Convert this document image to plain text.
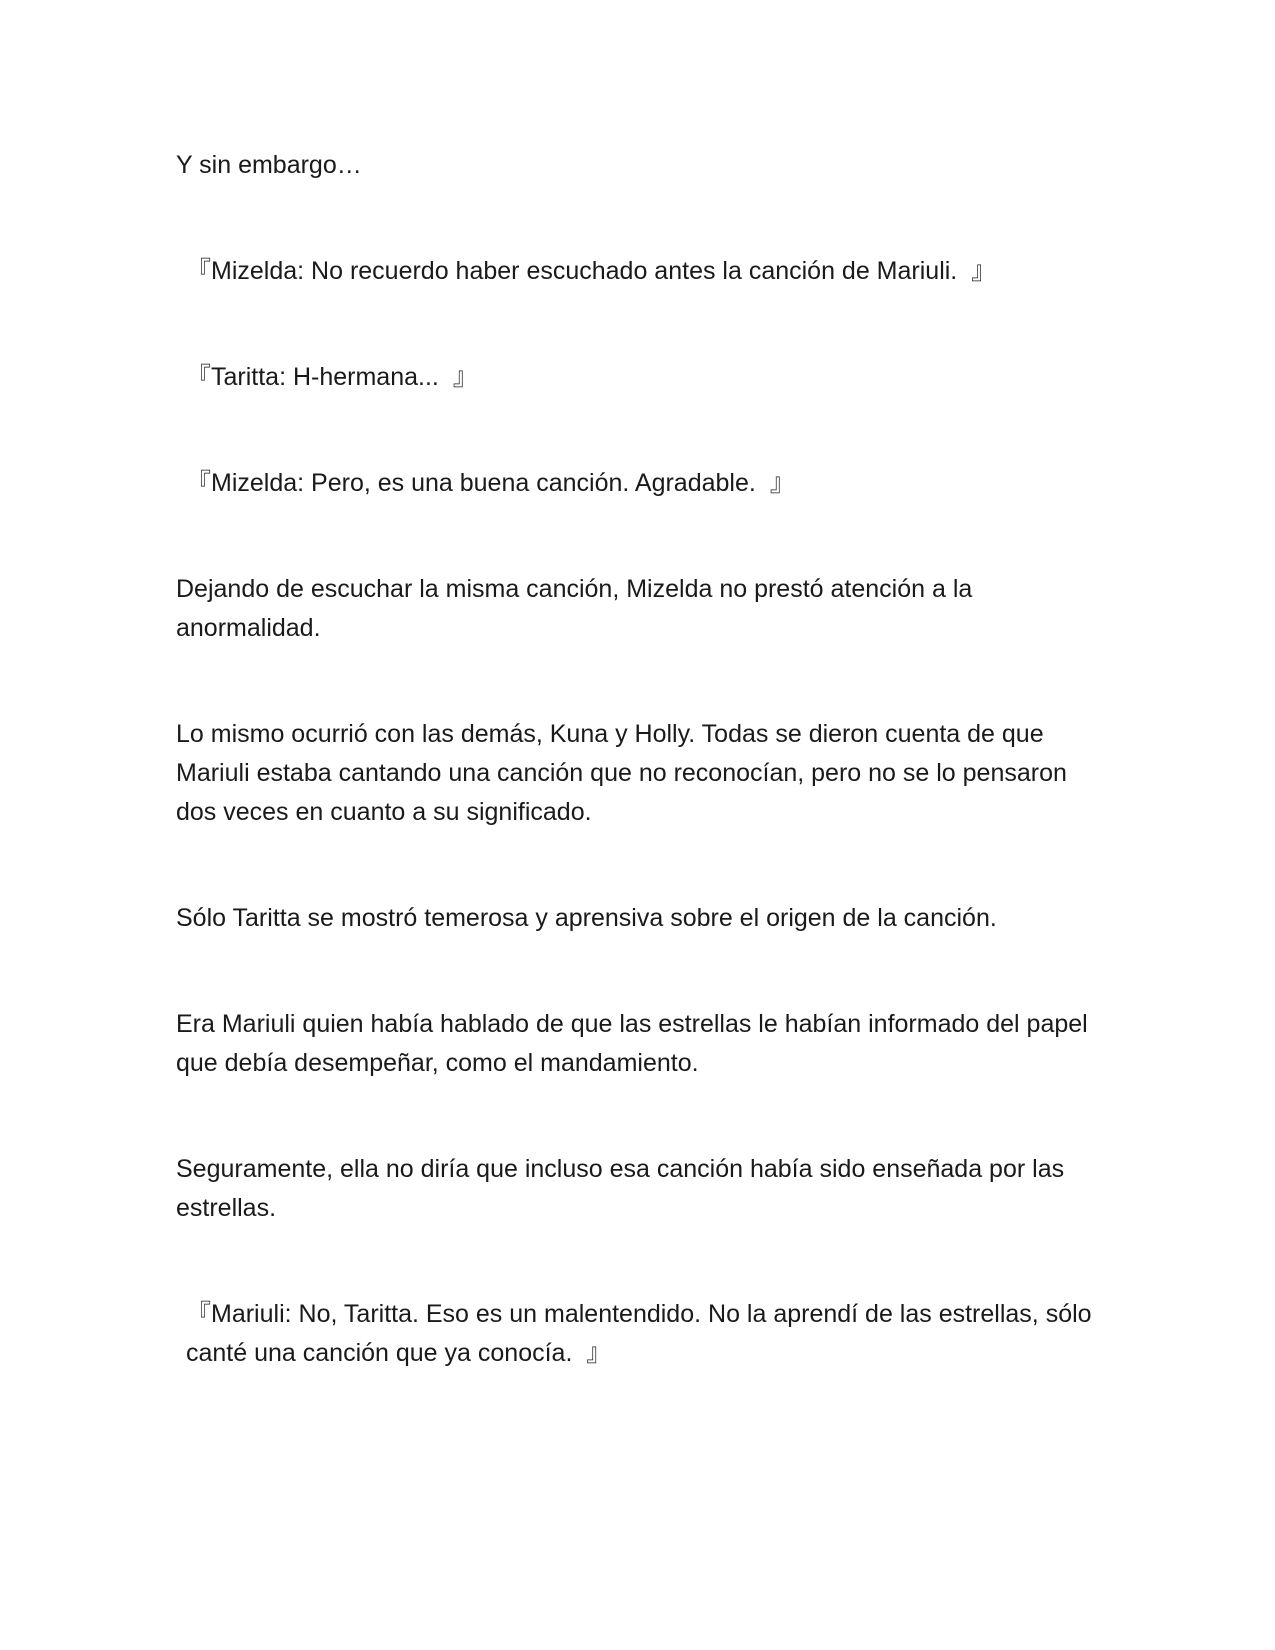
Y sin embargo…

『Mizelda: No recuerdo haber escuchado antes la canción de Mariuli.  』

『Taritta: H-hermana...  』

『Mizelda: Pero, es una buena canción. Agradable.  』

Dejando de escuchar la misma canción, Mizelda no prestó atención a la anormalidad.

Lo mismo ocurrió con las demás, Kuna y Holly. Todas se dieron cuenta de que Mariuli estaba cantando una canción que no reconocían, pero no se lo pensaron dos veces en cuanto a su significado.

Sólo Taritta se mostró temerosa y aprensiva sobre el origen de la canción.

Era Mariuli quien había hablado de que las estrellas le habían informado del papel que debía desempeñar, como el mandamiento.

Seguramente, ella no diría que incluso esa canción había sido enseñada por las estrellas.

『Mariuli: No, Taritta. Eso es un malentendido. No la aprendí de las estrellas, sólo canté una canción que ya conocía.  』
